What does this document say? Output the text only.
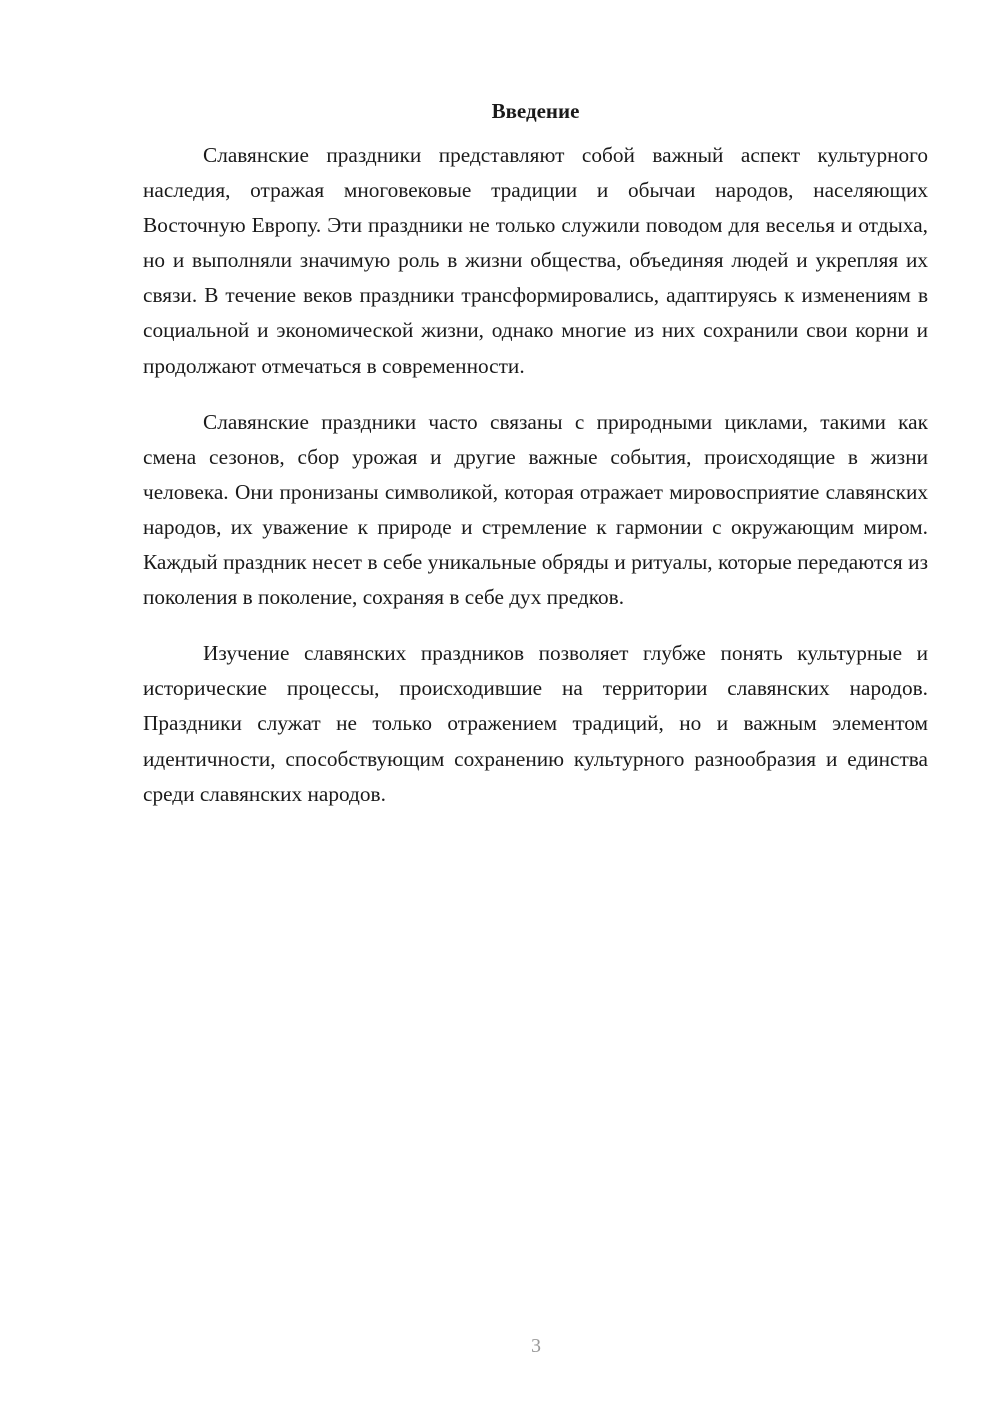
Введение

Славянские праздники представляют собой важный аспект культурного наследия, отражая многовековые традиции и обычаи народов, населяющих Восточную Европу. Эти праздники не только служили поводом для веселья и отдыха, но и выполняли значимую роль в жизни общества, объединяя людей и укрепляя их связи. В течение веков праздники трансформировались, адаптируясь к изменениям в социальной и экономической жизни, однако многие из них сохранили свои корни и продолжают отмечаться в современности.

Славянские праздники часто связаны с природными циклами, такими как смена сезонов, сбор урожая и другие важные события, происходящие в жизни человека. Они пронизаны символикой, которая отражает мировосприятие славянских народов, их уважение к природе и стремление к гармонии с окружающим миром. Каждый праздник несет в себе уникальные обряды и ритуалы, которые передаются из поколения в поколение, сохраняя в себе дух предков.

Изучение славянских праздников позволяет глубже понять культурные и исторические процессы, происходившие на территории славянских народов. Праздники служат не только отражением традиций, но и важным элементом идентичности, способствующим сохранению культурного разнообразия и единства среди славянских народов.

3
